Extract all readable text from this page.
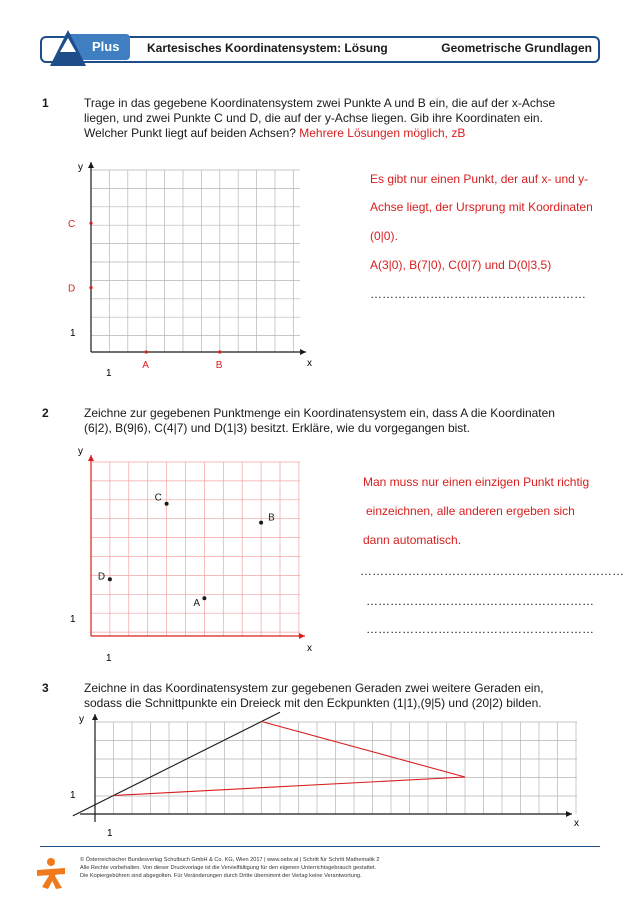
Plus Kartesisches Koordinatensystem: Lösung	Geometrische Grundlagen
1	Trage in das gegebene Koordinatensystem zwei Punkte A und B ein, die auf der x-Achse
liegen, und zwei Punkte C und D, die auf der y-Achse liegen. Gib ihre Koordinaten ein.
Welcher Punkt liegt auf beiden Achsen? Mehrere Lösungen möglich, zB
y
x
1
1
A	B
C
D
y
x
1
1
A
B
C
D
y
x
1
1
Es gibt nur einen Punkt, der auf x- und y-
Achse liegt, der Ursprung mit Koordinaten
(0|0).
A(3|0), B(7|0), C(0|7) und D(0|3,5)
………………………………………………
2	Zeichne zur gegebenen Punktmenge ein Koordinatensystem ein, dass A die Koordinaten
(6|2), B(9|6), C(4|7) und D(1|3) besitzt. Erkläre, wie du vorgegangen bist.
Man muss nur einen einzigen Punkt richtig
einzeichnen, alle anderen ergeben sich
dann automatisch.
…………………………………………………………
…………………………………………………
…………………………………………………
3	Zeichne in das Koordinatensystem zur gegebenen Geraden zwei weitere Geraden ein,
sodass die Schnittpunkte ein Dreieck mit den Eckpunkten (1|1),(9|5) und (20|2) bilden.
© Österreichischer Bundesverlag Schulbuch GmbH & Co. KG, Wien 2017 | www.oebv.at | Schritt für Schritt Mathematik 2
Alle Rechte vorbehalten. Von dieser Druckvorlage ist die Vervielfältigung für den eigenen Unterrichtsgebrauch gestattet.
Die Kopiergebühren sind abgegolten. Für Veränderungen durch Dritte übernimmt der Verlag keine Verantwortung.
